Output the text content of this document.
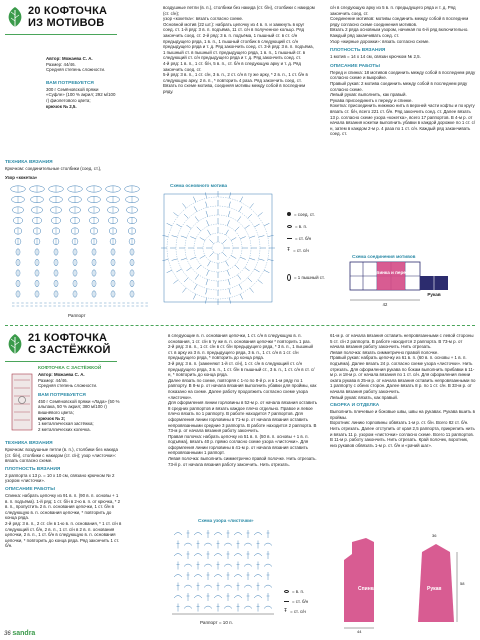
20 КОФТОЧКА
ИЗ МОТИВОВ
Автор: Можаева С. А.
Размер: 44/46.
Средняя степень сложности.
ВАМ ПОТРЕБУЕТСЯ
300 г Семёновской пряжи «Суфле» (100 % акрил; 292 м/100 г) фиолетового цвета;
крючок № 2,5.
ТЕХНИКА ВЯЗАНИЯ
Крючком: соединительные столбики (соед. ст.),
Узор «кокетка»
Раппорт
воздушные петли (в. п.), столбики без накида (ст. б/н), столбики с накидом (ст. с/н);
узор «кокетка»: вязать согласно схеме.
Основной мотив (22 шт.): набрать цепочку из 4 в. п. и замкнуть в круг соед. ст. 1-й ряд: 3 в. п. подъёма, 11 ст. с/н в полученное кольцо. Ряд закончить соед. ст. 2-й ряд: 3 в. п. подъёма, 1 пышный ст. в ст. с/н предыдущего ряда, 1 в. п., 1 пышный столбик в следующий ст. с/н предыдущего ряда и т. д. Ряд закончить соед. ст. 3-й ряд: 3 в. п. подъёма, 1 пышный ст. в пышный ст. предыдущего ряда, 1 в. п., 1 пышный ст. в следующий ст. с/н предыдущего ряда и т. д. Ряд закончить соед. ст.
4-й ряд: 1 в. п., 1 ст. б/н, 5 в. п., ст. б/н в следующую арку и т. д. Ряд закончить соед. ст.
5-й ряд: 3 в. п., 1 ст. с/н, 3 в. п., 2 ст. с/н в ту же арку, * 2 в. п., 1 ст. б/н в следующую арку, 2 в. п., * повторить 4 раза. Ряд закончить соед. ст. Вязать по схеме мотива, соединяя мотивы между собой в последнем ряду.
Схема основного мотива
= соед. ст.
= в. п.
= ст. б/н
Ŧ = ст. с/н
= 1 пышный ст.
с/н в следующую арку из 5 в. п. предыдущего ряда и т. д. Ряд закончить соед. ст.
Соединение мотивов: мотивы соединить между собой в последнем ряду согласно схеме соединения мотивов.
Вязать 2 ряда основным узором, начиная по 6-й ряд включительно. Каждый ряд заканчивать соед. ст.
Узор «жирные дорожки»: вязать согласно схеме.
ПЛОТНОСТЬ ВЯЗАНИЯ
1 мотив = 14 x 14 см, связан крючком № 2,5.
ОПИСАНИЕ РАБОТЫ
Перед и спинка: 18 мотивов соединить между собой в последнем ряду согласно схеме и выкройке.
Правый рукав: 2 мотива соединить между собой в последнем ряду согласно схеме.
Левый рукав: выполнить, как правый.
Рукава присоединить к переду и спинке.
Кокетка: присоединить нижнюю нить в верхней части кофты и по кругу вязать ст. б/н, всего 221 ст. б/н. Ряд закончить соед. ст. Далее вязать 13 р. согласно схеме узора «кокетка», всего 17 раппортов. В 4-м р. от начала вязания кокетки выполнить убавки в каждой дорожке по 1 ст. с/н, затем в каждом 2-м р. 4 раза по 1 ст. с/н. Каждый ряд заканчивать соед. ст.
Схема соединения мотивов
Спинка и перед
Рукав
42
21 КОФТОЧКА
С ЗАСТЁЖКОЙ
КОФТОЧКА С ЗАСТЁЖКОЙ
Автор: Можаева С. А.
Размер: 44/46.
Средняя степень сложности.
ВАМ ПОТРЕБУЕТСЯ
450 г Семёновской пряжи «Лада» (50 % альпака, 50 % акрил; 380 м/100 г) вишнёвого цвета;
крючок № 2;
1 металлическая застёжка;
2 металлических колечка.
ТЕХНИКА ВЯЗАНИЯ
Крючком: воздушные петли (в. п.), столбики без накида (ст. б/н), столбики с накидом (ст. с/н); узор «листочки»: вязать согласно схеме.
ПЛОТНОСТЬ ВЯЗАНИЯ
2 раппорта x 13 р. = 10 x 10 см, связано крючком № 2 узором «листочки».
ОПИСАНИЕ РАБОТЫ
Спинка: набрать цепочку из 91 в. п. (90 в. п. основы + 1 в. п. подъёма). 1-й ряд: 1 ст. б/н в 2-ю в. п. от крючка, * 2 в. п., пропустить 2 в. п. основания цепочки, 1 ст. б/н в следующую в. п. основания цепочки, * повторить до конца ряда.
2-й ряд: 3 в. п., 2 ст. с/н в 1-ю в. п. основания, * 1 ст. с/н в следующий ст. б/н, 2 в. п., 1 ст. с/н в 2 в. п. основания цепочки, 2 в. п., 1 ст. б/н в следующую в. п. основания цепочки, * повторить до конца ряда. Ряд закончить 1 ст. б/н.
в следующие в. п. основания цепочки, 1 ст. с/н в следующую в. п. основания, 1 ст. с/н в ту же в. п. основания цепочки * повторить 1 раз.
2-й ряд: 3 в. п., 1 ст. с/н в ст. б/н предыдущего ряда, * 3 в. п., 1 пышный ст. в арку из 3 в. п. предыдущего ряда, 3 в. п., 1 ст. с/н в 1 ст. с/н предыдущего ряда, * повторить до конца ряда.
3-й ряд: 3 в. п. (заменяют 1-й ст. с/н), 1 ст. с/н в следующий ст. с/н предыдущего ряда, 3 в. п., 1 ст. б/н в пышный ст., 3 в. п., 1 ст. с/н в ст. с/н, * повторить до конца ряда.
Далее вязать по схеме, повторяя с 1-го по 8-й р. и в 1-м ряду по 1 раппорту. В 8-м р. от начала вязания выполнить убавки для проймы, как показано на схеме. Далее работу продолжить согласно схеме узора «листочки».
Для оформления линии горловины в 52-м р. от начала вязания оставить 8 средних раппортов и вязать каждое плечо отдельно. Правое и левое плечо вязать по 1 раппорту. В работе находится 7 раппортов. Для оформления линии горловины в 71-м р. от начала вязания оставить непровязанными средние 3 раппорта. В работе находится 2 раппорта. В 73-м р. от начала вязания работу закончить.
Правая полочка: набрать цепочку из 51 в. п. (50 в. п. основы + 1 в. п. подъёма), вязать 40 р. прямо согласно схеме узора «листочки». Для оформления линии горловины в 41-м р. от начала вязания оставить непровязанными 1 раппорт.
Левая полочка: выполнить симметрично правой полочке. Нить отрезать. 73-й р. от начала вязания работу закончить. Нить отрезать.
Схема узора «листочки»
Раппорт = 10 п.
= в. п.
= ст. б/н
Ŧ = ст. с/н
61-м р. от начала вязания оставить непровязанными с левой стороны 5 ст. с/н 2 раппорта. В работе находится 2 раппорта. В 73-м р. от начала вязания работу закончить. Нить отрезать.
Левая полочка: вязать симметрично правой полочке.
Правый рукав: набрать цепочку из 61 в. п. (60 в. п. основы + 1 в. п. подъёма). Далее вязать 24 р. согласно схеме узора «листочки». Нить отрезать. Для оформления рукава по бокам выполнить прибавки в 11-м р. и 18-м р. от начала вязания по 1 ст. с/н. Для оформления линии оката рукава в 25-м р. от начала вязания оставить непровязанными по 1 раппорту с обеих сторон. Далее вязать 8 р. по 1 ст. с/н. В 33-м р. от начала вязания работу закончить.
Левый рукав: вязать, как правый.
СБОРКА И ОТДЕЛКА
Выполнить плечевые и боковые швы, швы на рукавах. Рукава вшить в проймы.
Воротник: линию горловины обвязать 1-м р. ст. б/н. Всего 82 ст. б/н. Нить отрезать. Далее отступить от края 2,5 раппорта, прикрепить нить и вязать 11 р. узором «листочки» согласно схеме. Всего 11 раппортов. В 11-м р. работу закончить. Нить отрезать. Край полочек, воротник, низ рукавов обвязать 1-м р. ст. б/н и «рачий шаг».
Спинка	Рукав
44
36
58
36 sandra
